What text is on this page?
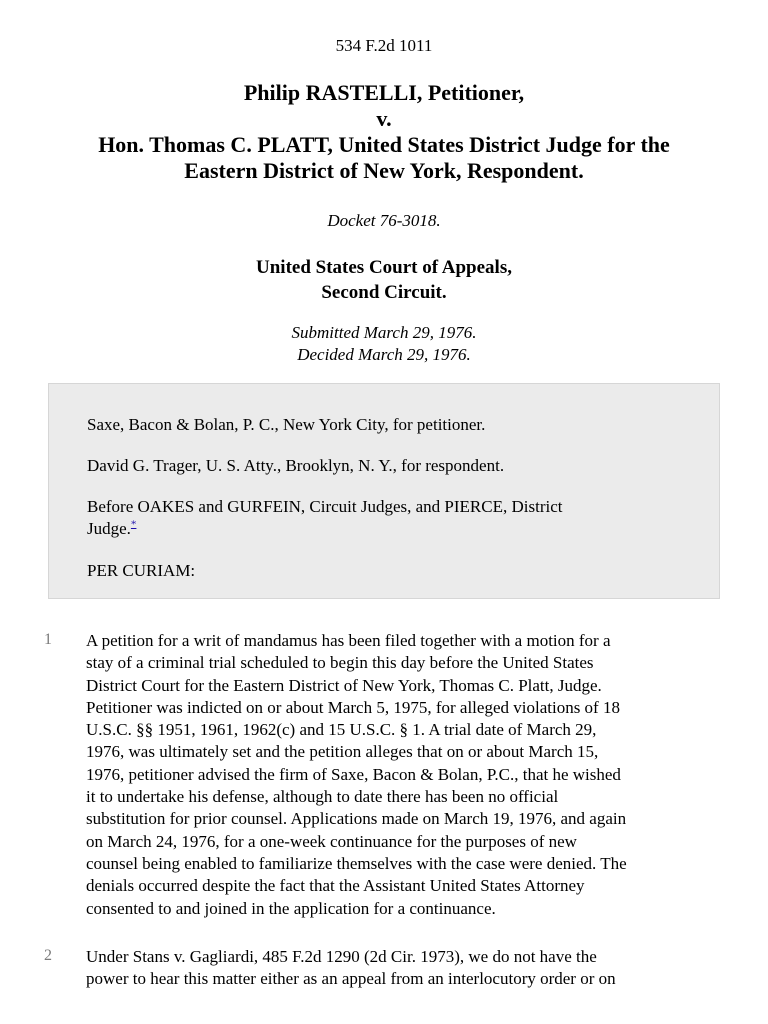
534 F.2d 1011
Philip RASTELLI, Petitioner,
v.
Hon. Thomas C. PLATT, United States District Judge for the
Eastern District of New York, Respondent.
Docket 76-3018.
United States Court of Appeals,
Second Circuit.
Submitted March 29, 1976.
Decided March 29, 1976.
Saxe, Bacon & Bolan, P. C., New York City, for petitioner.
David G. Trager, U. S. Atty., Brooklyn, N. Y., for respondent.
Before OAKES and GURFEIN, Circuit Judges, and PIERCE, District
Judge.*
PER CURIAM:
1 A petition for a writ of mandamus has been filed together with a motion for a
stay of a criminal trial scheduled to begin this day before the United States
District Court for the Eastern District of New York, Thomas C. Platt, Judge.
Petitioner was indicted on or about March 5, 1975, for alleged violations of 18
U.S.C. §§ 1951, 1961, 1962(c) and 15 U.S.C. § 1. A trial date of March 29,
1976, was ultimately set and the petition alleges that on or about March 15,
1976, petitioner advised the firm of Saxe, Bacon & Bolan, P.C., that he wished
it to undertake his defense, although to date there has been no official
substitution for prior counsel. Applications made on March 19, 1976, and again
on March 24, 1976, for a one-week continuance for the purposes of new
counsel being enabled to familiarize themselves with the case were denied. The
denials occurred despite the fact that the Assistant United States Attorney
consented to and joined in the application for a continuance.
2 Under Stans v. Gagliardi, 485 F.2d 1290 (2d Cir. 1973), we do not have the
power to hear this matter either as an appeal from an interlocutory order or on
